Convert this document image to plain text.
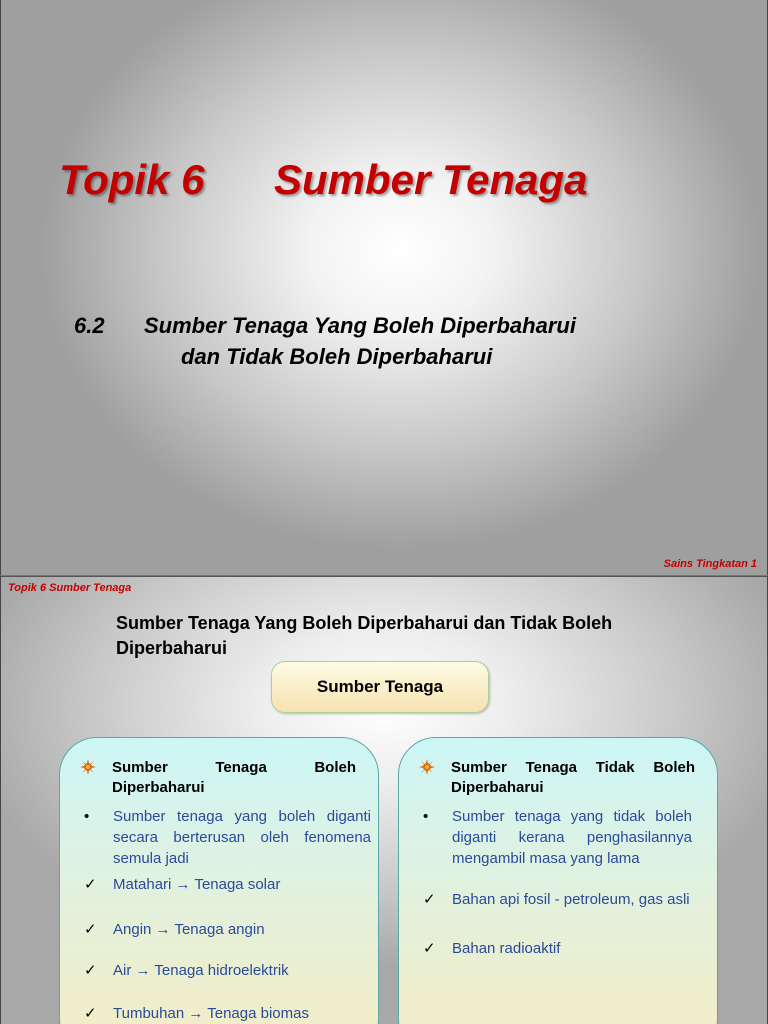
Topik 6 Sumber Tenaga
6.2 Sumber Tenaga Yang Boleh Diperbaharui
dan Tidak Boleh Diperbaharui
Sains Tingkatan 1
Topik 6 Sumber Tenaga
Sumber Tenaga Yang Boleh Diperbaharui dan Tidak Boleh Diperbaharui
Sumber Tenaga
Sumber Tenaga Boleh Diperbaharui
• Sumber tenaga yang boleh diganti secara berterusan oleh fenomena semula jadi
✓ Matahari → Tenaga solar
✓ Angin → Tenaga angin
✓ Air → Tenaga hidroelektrik
✓ Tumbuhan → Tenaga biomas
Sumber Tenaga Tidak Boleh Diperbaharui
• Sumber tenaga yang tidak boleh diganti kerana penghasilannya mengambil masa yang lama
✓ Bahan api fosil - petroleum, gas asli
✓ Bahan radioaktif
